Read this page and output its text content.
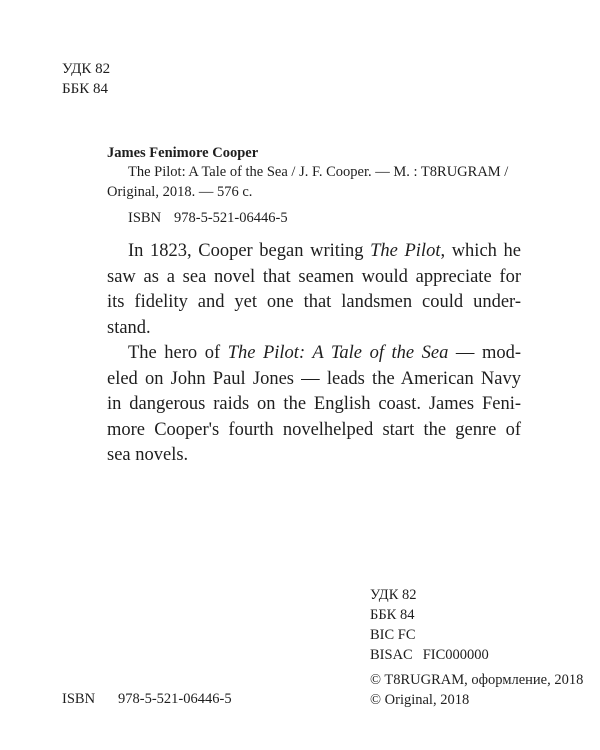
УДК 82
ББК 84
James Fenimore Cooper
The Pilot: A Tale of the Sea / J. F. Cooper. — M. : T8RUGRAM /
Original, 2018. — 576 c.
ISBN 978-5-521-06446-5
In 1823, Cooper began writing The Pilot, which he
saw as a sea novel that seamen would appreciate for
its fidelity and yet one that landsmen could under-
stand.
The hero of The Pilot: A Tale of the Sea — mod-
eled on John Paul Jones — leads the American Navy
in dangerous raids on the English coast. James Feni-
more Cooper's fourth novelhelped start the genre of
sea novels.
УДК 82
ББК 84
BIC FC
BISAC FIC000000
© T8RUGRAM, оформление, 2018
© Original, 2018
ISBN 978-5-521-06446-5
